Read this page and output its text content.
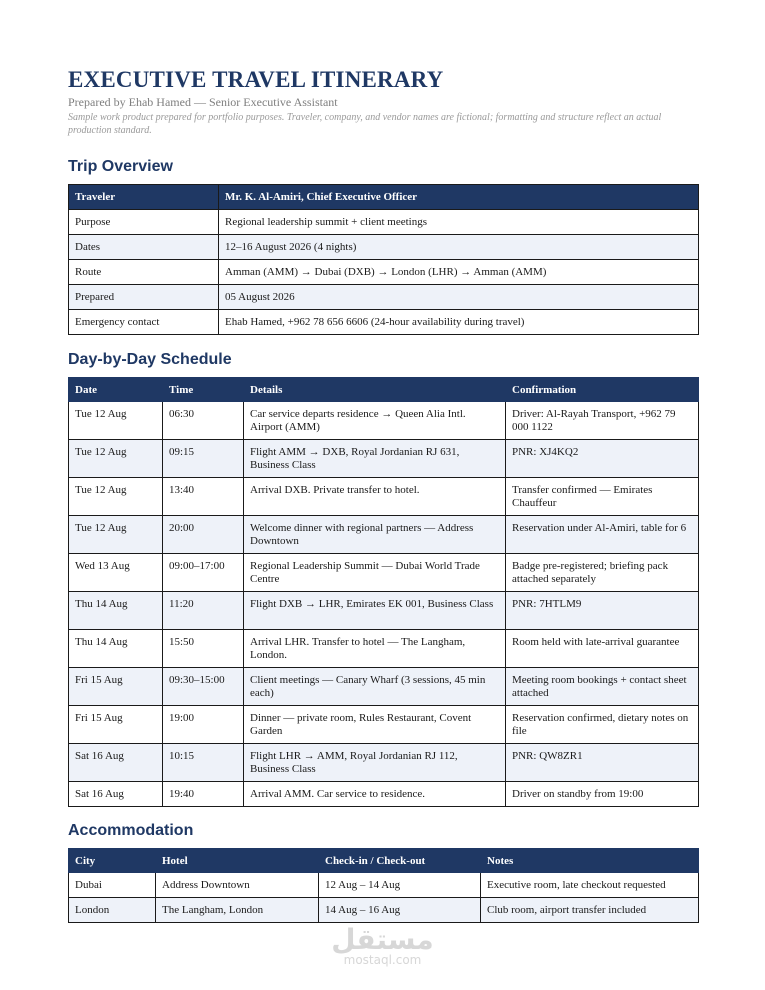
EXECUTIVE TRAVEL ITINERARY
Prepared by Ehab Hamed — Senior Executive Assistant
Sample work product prepared for portfolio purposes. Traveler, company, and vendor names are fictional; formatting and structure reflect an actual production standard.
Trip Overview
Traveler	Mr. K. Al-Amiri, Chief Executive Officer
Purpose	Regional leadership summit + client meetings
Dates	12–16 August 2026 (4 nights)
Route	Amman (AMM) → Dubai (DXB) → London (LHR) → Amman (AMM)
Prepared	05 August 2026
Emergency contact	Ehab Hamed, +962 78 656 6606 (24-hour availability during travel)
Day-by-Day Schedule
Date	Time	Details	Confirmation
Tue 12 Aug	06:30	Car service departs residence → Queen Alia Intl. Airport (AMM)	Driver: Al-Rayah Transport, +962 79 000 1122
Tue 12 Aug	09:15	Flight AMM → DXB, Royal Jordanian RJ 631, Business Class	PNR: XJ4KQ2
Tue 12 Aug	13:40	Arrival DXB. Private transfer to hotel.	Transfer confirmed — Emirates Chauffeur
Tue 12 Aug	20:00	Welcome dinner with regional partners — Address Downtown	Reservation under Al-Amiri, table for 6
Wed 13 Aug	09:00–17:00	Regional Leadership Summit — Dubai World Trade Centre	Badge pre-registered; briefing pack attached separately
Thu 14 Aug	11:20	Flight DXB → LHR, Emirates EK 001, Business Class	PNR: 7HTLM9
Thu 14 Aug	15:50	Arrival LHR. Transfer to hotel — The Langham, London.	Room held with late-arrival guarantee
Fri 15 Aug	09:30–15:00	Client meetings — Canary Wharf (3 sessions, 45 min each)	Meeting room bookings + contact sheet attached
Fri 15 Aug	19:00	Dinner — private room, Rules Restaurant, Covent Garden	Reservation confirmed, dietary notes on file
Sat 16 Aug	10:15	Flight LHR → AMM, Royal Jordanian RJ 112, Business Class	PNR: QW8ZR1
Sat 16 Aug	19:40	Arrival AMM. Car service to residence.	Driver on standby from 19:00
Accommodation
City	Hotel	Check-in / Check-out	Notes
Dubai	Address Downtown	12 Aug – 14 Aug	Executive room, late checkout requested
London	The Langham, London	14 Aug – 16 Aug	Club room, airport transfer included
مستقل
mostaql.com
